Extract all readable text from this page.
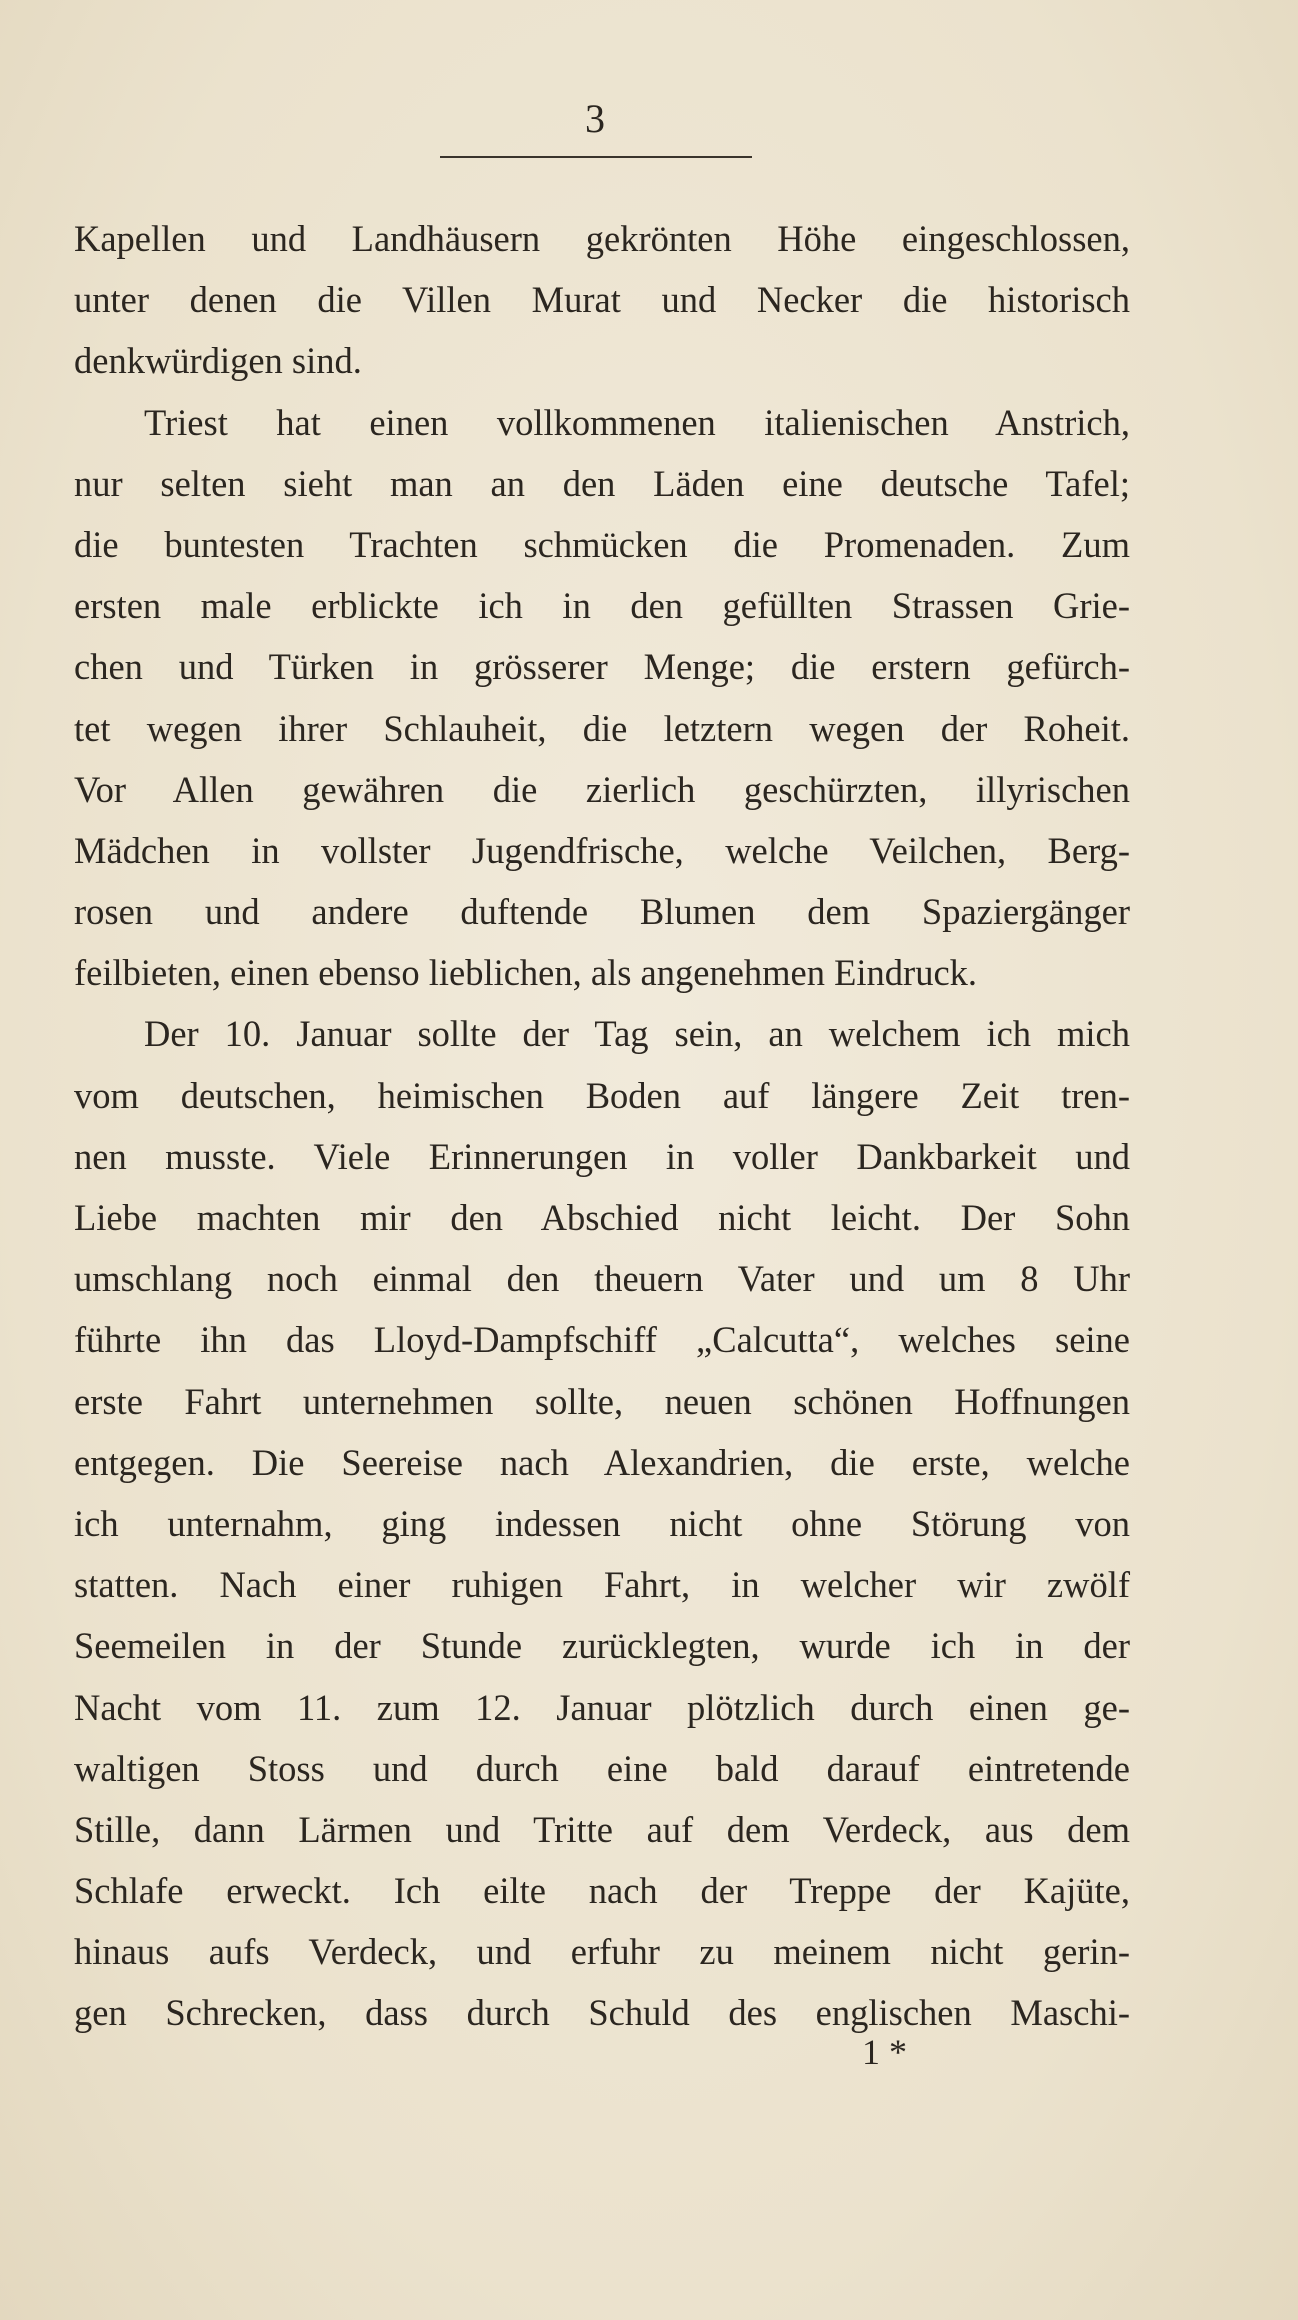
3
Kapellen und Landhäusern gekrönten Höhe eingeschlossen,
unter denen die Villen Murat und Necker die historisch
denkwürdigen sind.
Triest hat einen vollkommenen italienischen Anstrich,
nur selten sieht man an den Läden eine deutsche Tafel;
die buntesten Trachten schmücken die Promenaden. Zum
ersten male erblickte ich in den gefüllten Strassen Grie-
chen und Türken in grösserer Menge; die erstern gefürch-
tet wegen ihrer Schlauheit, die letztern wegen der Roheit.
Vor Allen gewähren die zierlich geschürzten, illyrischen
Mädchen in vollster Jugendfrische, welche Veilchen, Berg-
rosen und andere duftende Blumen dem Spaziergänger
feilbieten, einen ebenso lieblichen, als angenehmen Eindruck.
Der 10. Januar sollte der Tag sein, an welchem ich mich
vom deutschen, heimischen Boden auf längere Zeit tren-
nen musste. Viele Erinnerungen in voller Dankbarkeit und
Liebe machten mir den Abschied nicht leicht. Der Sohn
umschlang noch einmal den theuern Vater und um 8 Uhr
führte ihn das Lloyd-Dampfschiff „Calcutta“, welches seine
erste Fahrt unternehmen sollte, neuen schönen Hoffnungen
entgegen. Die Seereise nach Alexandrien, die erste, welche
ich unternahm, ging indessen nicht ohne Störung von
statten. Nach einer ruhigen Fahrt, in welcher wir zwölf
Seemeilen in der Stunde zurücklegten, wurde ich in der
Nacht vom 11. zum 12. Januar plötzlich durch einen ge-
waltigen Stoss und durch eine bald darauf eintretende
Stille, dann Lärmen und Tritte auf dem Verdeck, aus dem
Schlafe erweckt. Ich eilte nach der Treppe der Kajüte,
hinaus aufs Verdeck, und erfuhr zu meinem nicht gerin-
gen Schrecken, dass durch Schuld des englischen Maschi-
1 *
